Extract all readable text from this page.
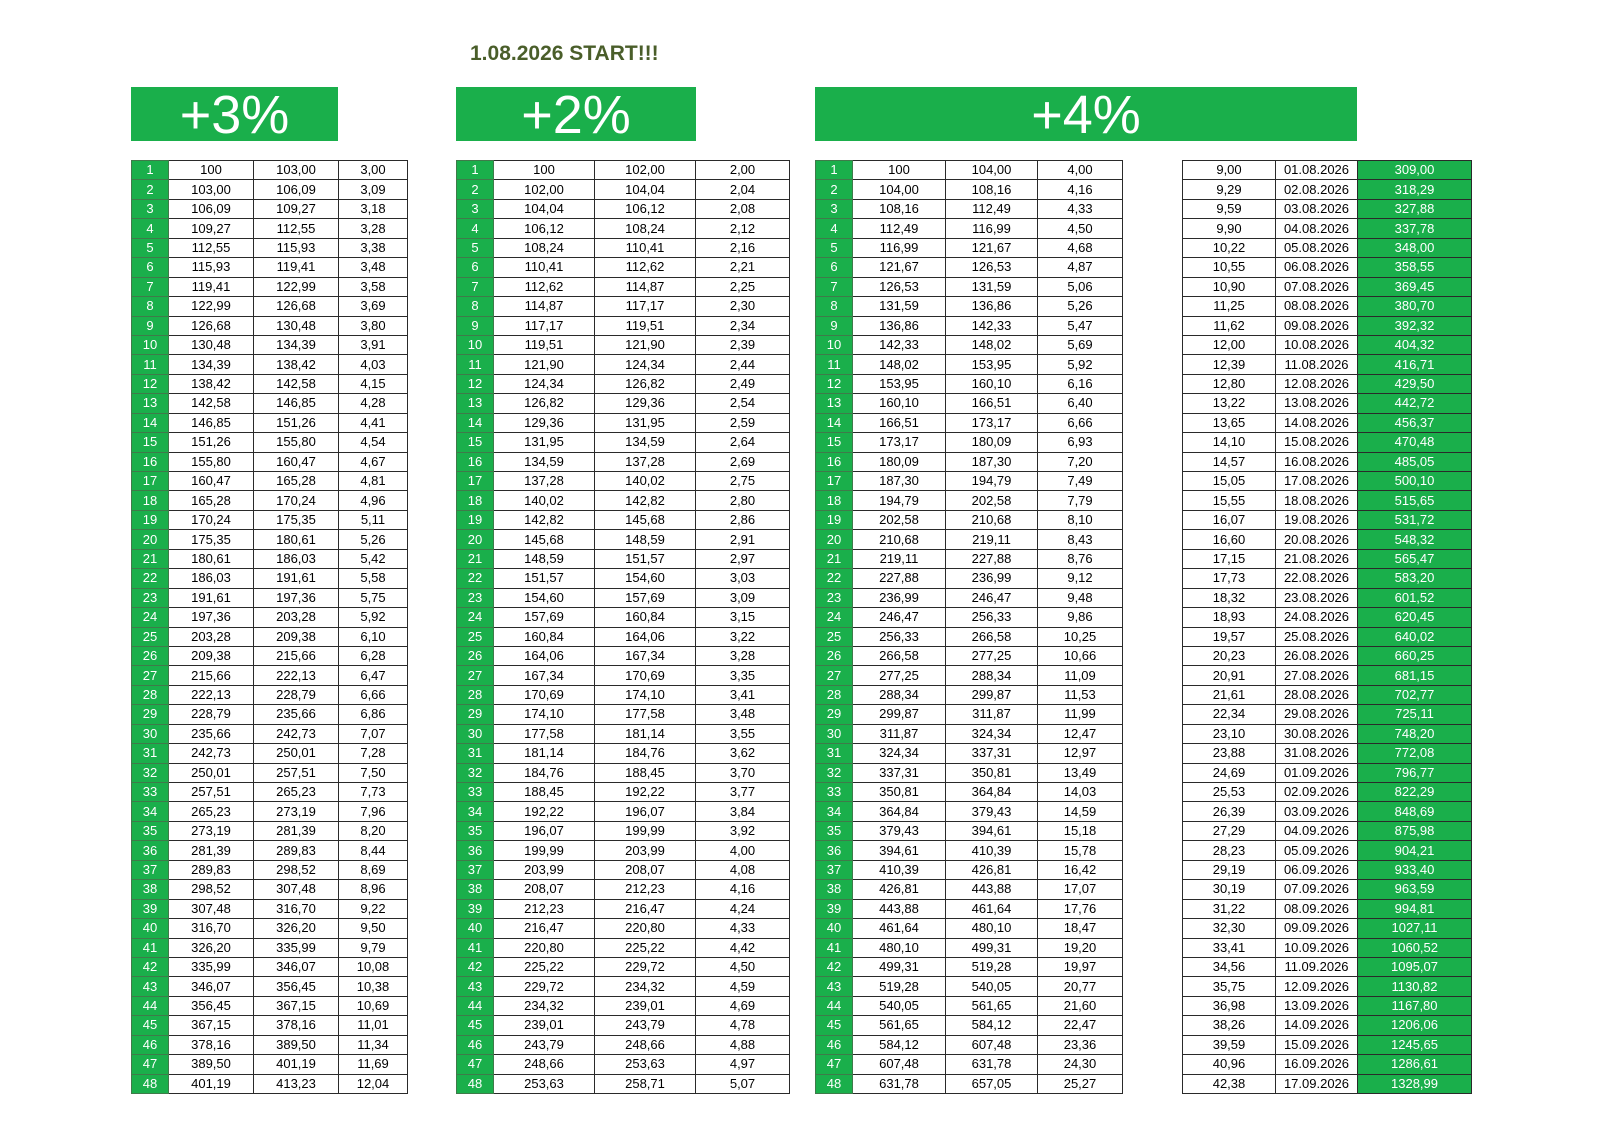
1.08.2026 START!!!
+3%	+2%	+4%
1	100	103,00	3,00
2	103,00	106,09	3,09
3	106,09	109,27	3,18
4	109,27	112,55	3,28
5	112,55	115,93	3,38
6	115,93	119,41	3,48
7	119,41	122,99	3,58
8	122,99	126,68	3,69
9	126,68	130,48	3,80
10	130,48	134,39	3,91
11	134,39	138,42	4,03
12	138,42	142,58	4,15
13	142,58	146,85	4,28
14	146,85	151,26	4,41
15	151,26	155,80	4,54
16	155,80	160,47	4,67
17	160,47	165,28	4,81
18	165,28	170,24	4,96
19	170,24	175,35	5,11
20	175,35	180,61	5,26
21	180,61	186,03	5,42
22	186,03	191,61	5,58
23	191,61	197,36	5,75
24	197,36	203,28	5,92
25	203,28	209,38	6,10
26	209,38	215,66	6,28
27	215,66	222,13	6,47
28	222,13	228,79	6,66
29	228,79	235,66	6,86
30	235,66	242,73	7,07
31	242,73	250,01	7,28
32	250,01	257,51	7,50
33	257,51	265,23	7,73
34	265,23	273,19	7,96
35	273,19	281,39	8,20
36	281,39	289,83	8,44
37	289,83	298,52	8,69
38	298,52	307,48	8,96
39	307,48	316,70	9,22
40	316,70	326,20	9,50
41	326,20	335,99	9,79
42	335,99	346,07	10,08
43	346,07	356,45	10,38
44	356,45	367,15	10,69
45	367,15	378,16	11,01
46	378,16	389,50	11,34
47	389,50	401,19	11,69
48	401,19	413,23	12,04
1	100	102,00	2,00
2	102,00	104,04	2,04
3	104,04	106,12	2,08
4	106,12	108,24	2,12
5	108,24	110,41	2,16
6	110,41	112,62	2,21
7	112,62	114,87	2,25
8	114,87	117,17	2,30
9	117,17	119,51	2,34
10	119,51	121,90	2,39
11	121,90	124,34	2,44
12	124,34	126,82	2,49
13	126,82	129,36	2,54
14	129,36	131,95	2,59
15	131,95	134,59	2,64
16	134,59	137,28	2,69
17	137,28	140,02	2,75
18	140,02	142,82	2,80
19	142,82	145,68	2,86
20	145,68	148,59	2,91
21	148,59	151,57	2,97
22	151,57	154,60	3,03
23	154,60	157,69	3,09
24	157,69	160,84	3,15
25	160,84	164,06	3,22
26	164,06	167,34	3,28
27	167,34	170,69	3,35
28	170,69	174,10	3,41
29	174,10	177,58	3,48
30	177,58	181,14	3,55
31	181,14	184,76	3,62
32	184,76	188,45	3,70
33	188,45	192,22	3,77
34	192,22	196,07	3,84
35	196,07	199,99	3,92
36	199,99	203,99	4,00
37	203,99	208,07	4,08
38	208,07	212,23	4,16
39	212,23	216,47	4,24
40	216,47	220,80	4,33
41	220,80	225,22	4,42
42	225,22	229,72	4,50
43	229,72	234,32	4,59
44	234,32	239,01	4,69
45	239,01	243,79	4,78
46	243,79	248,66	4,88
47	248,66	253,63	4,97
48	253,63	258,71	5,07
1	100	104,00	4,00
2	104,00	108,16	4,16
3	108,16	112,49	4,33
4	112,49	116,99	4,50
5	116,99	121,67	4,68
6	121,67	126,53	4,87
7	126,53	131,59	5,06
8	131,59	136,86	5,26
9	136,86	142,33	5,47
10	142,33	148,02	5,69
11	148,02	153,95	5,92
12	153,95	160,10	6,16
13	160,10	166,51	6,40
14	166,51	173,17	6,66
15	173,17	180,09	6,93
16	180,09	187,30	7,20
17	187,30	194,79	7,49
18	194,79	202,58	7,79
19	202,58	210,68	8,10
20	210,68	219,11	8,43
21	219,11	227,88	8,76
22	227,88	236,99	9,12
23	236,99	246,47	9,48
24	246,47	256,33	9,86
25	256,33	266,58	10,25
26	266,58	277,25	10,66
27	277,25	288,34	11,09
28	288,34	299,87	11,53
29	299,87	311,87	11,99
30	311,87	324,34	12,47
31	324,34	337,31	12,97
32	337,31	350,81	13,49
33	350,81	364,84	14,03
34	364,84	379,43	14,59
35	379,43	394,61	15,18
36	394,61	410,39	15,78
37	410,39	426,81	16,42
38	426,81	443,88	17,07
39	443,88	461,64	17,76
40	461,64	480,10	18,47
41	480,10	499,31	19,20
42	499,31	519,28	19,97
43	519,28	540,05	20,77
44	540,05	561,65	21,60
45	561,65	584,12	22,47
46	584,12	607,48	23,36
47	607,48	631,78	24,30
48	631,78	657,05	25,27
9,00	01.08.2026	309,00
9,29	02.08.2026	318,29
9,59	03.08.2026	327,88
9,90	04.08.2026	337,78
10,22	05.08.2026	348,00
10,55	06.08.2026	358,55
10,90	07.08.2026	369,45
11,25	08.08.2026	380,70
11,62	09.08.2026	392,32
12,00	10.08.2026	404,32
12,39	11.08.2026	416,71
12,80	12.08.2026	429,50
13,22	13.08.2026	442,72
13,65	14.08.2026	456,37
14,10	15.08.2026	470,48
14,57	16.08.2026	485,05
15,05	17.08.2026	500,10
15,55	18.08.2026	515,65
16,07	19.08.2026	531,72
16,60	20.08.2026	548,32
17,15	21.08.2026	565,47
17,73	22.08.2026	583,20
18,32	23.08.2026	601,52
18,93	24.08.2026	620,45
19,57	25.08.2026	640,02
20,23	26.08.2026	660,25
20,91	27.08.2026	681,15
21,61	28.08.2026	702,77
22,34	29.08.2026	725,11
23,10	30.08.2026	748,20
23,88	31.08.2026	772,08
24,69	01.09.2026	796,77
25,53	02.09.2026	822,29
26,39	03.09.2026	848,69
27,29	04.09.2026	875,98
28,23	05.09.2026	904,21
29,19	06.09.2026	933,40
30,19	07.09.2026	963,59
31,22	08.09.2026	994,81
32,30	09.09.2026	1027,11
33,41	10.09.2026	1060,52
34,56	11.09.2026	1095,07
35,75	12.09.2026	1130,82
36,98	13.09.2026	1167,80
38,26	14.09.2026	1206,06
39,59	15.09.2026	1245,65
40,96	16.09.2026	1286,61
42,38	17.09.2026	1328,99
